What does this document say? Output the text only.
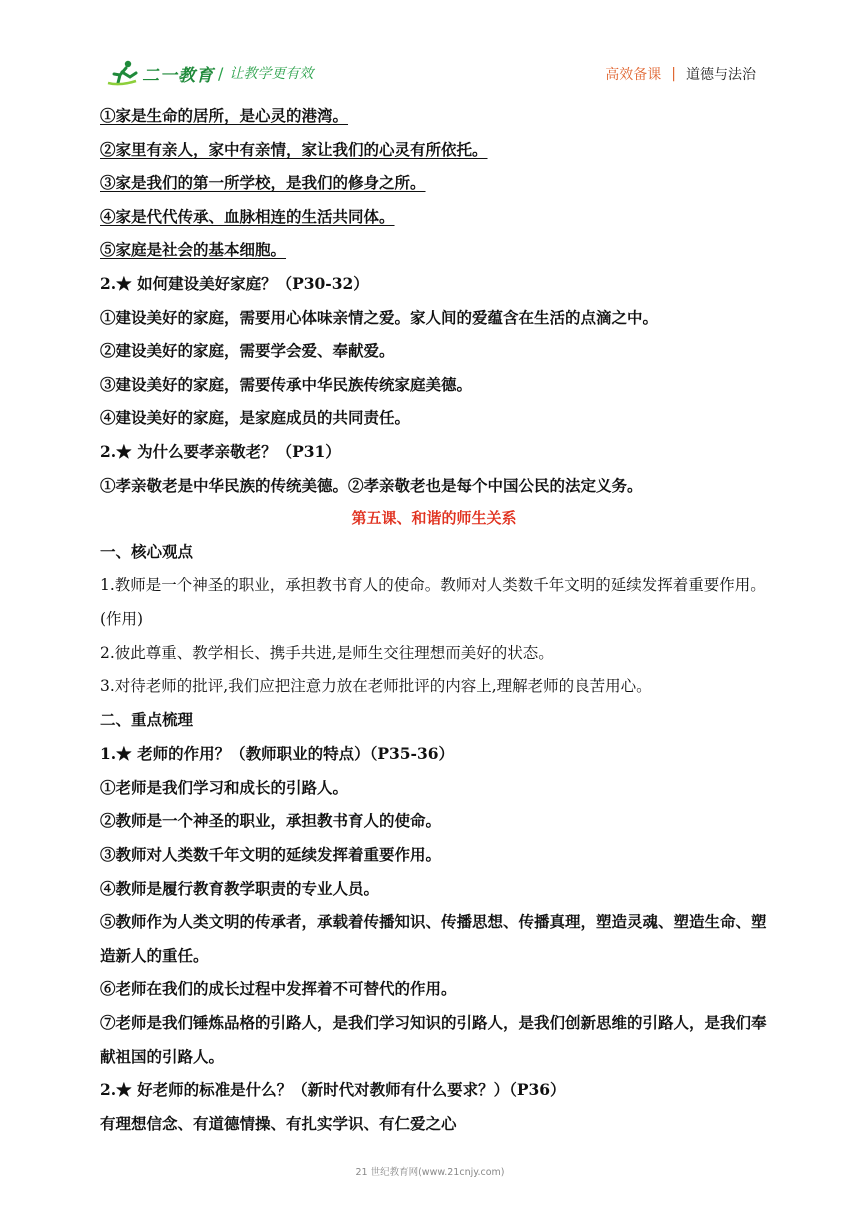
二一教育 / 让教学更有效	高效备课 | 道德与法治
①家是生命的居所，是心灵的港湾。
②家里有亲人，家中有亲情，家让我们的心灵有所依托。
③家是我们的第一所学校，是我们的修身之所。
④家是代代传承、血脉相连的生活共同体。
⑤家庭是社会的基本细胞。
2.★ 如何建设美好家庭？（P30-32）
①建设美好的家庭，需要用心体味亲情之爱。家人间的爱蕴含在生活的点滴之中。
②建设美好的家庭，需要学会爱、奉献爱。
③建设美好的家庭，需要传承中华民族传统家庭美德。
④建设美好的家庭，是家庭成员的共同责任。
2.★ 为什么要孝亲敬老？（P31）
①孝亲敬老是中华民族的传统美德。②孝亲敬老也是每个中国公民的法定义务。
第五课、和谐的师生关系
一、核心观点
1.教师是一个神圣的职业，承担教书育人的使命。教师对人类数千年文明的延续发挥着重要作用。(作用)
2.彼此尊重、教学相长、携手共进,是师生交往理想而美好的状态。
3.对待老师的批评,我们应把注意力放在老师批评的内容上,理解老师的良苦用心。
二、重点梳理
1.★ 老师的作用？（教师职业的特点）（P35-36）
①老师是我们学习和成长的引路人。
②教师是一个神圣的职业，承担教书育人的使命。
③教师对人类数千年文明的延续发挥着重要作用。
④教师是履行教育教学职责的专业人员。
⑤教师作为人类文明的传承者，承载着传播知识、传播思想、传播真理，塑造灵魂、塑造生命、塑造新人的重任。
⑥老师在我们的成长过程中发挥着不可替代的作用。
⑦老师是我们锤炼品格的引路人，是我们学习知识的引路人，是我们创新思维的引路人，是我们奉献祖国的引路人。
2.★ 好老师的标准是什么？（新时代对教师有什么要求？）（P36）
有理想信念、有道德情操、有扎实学识、有仁爱之心
21 世纪教育网(www.21cnjy.com)
